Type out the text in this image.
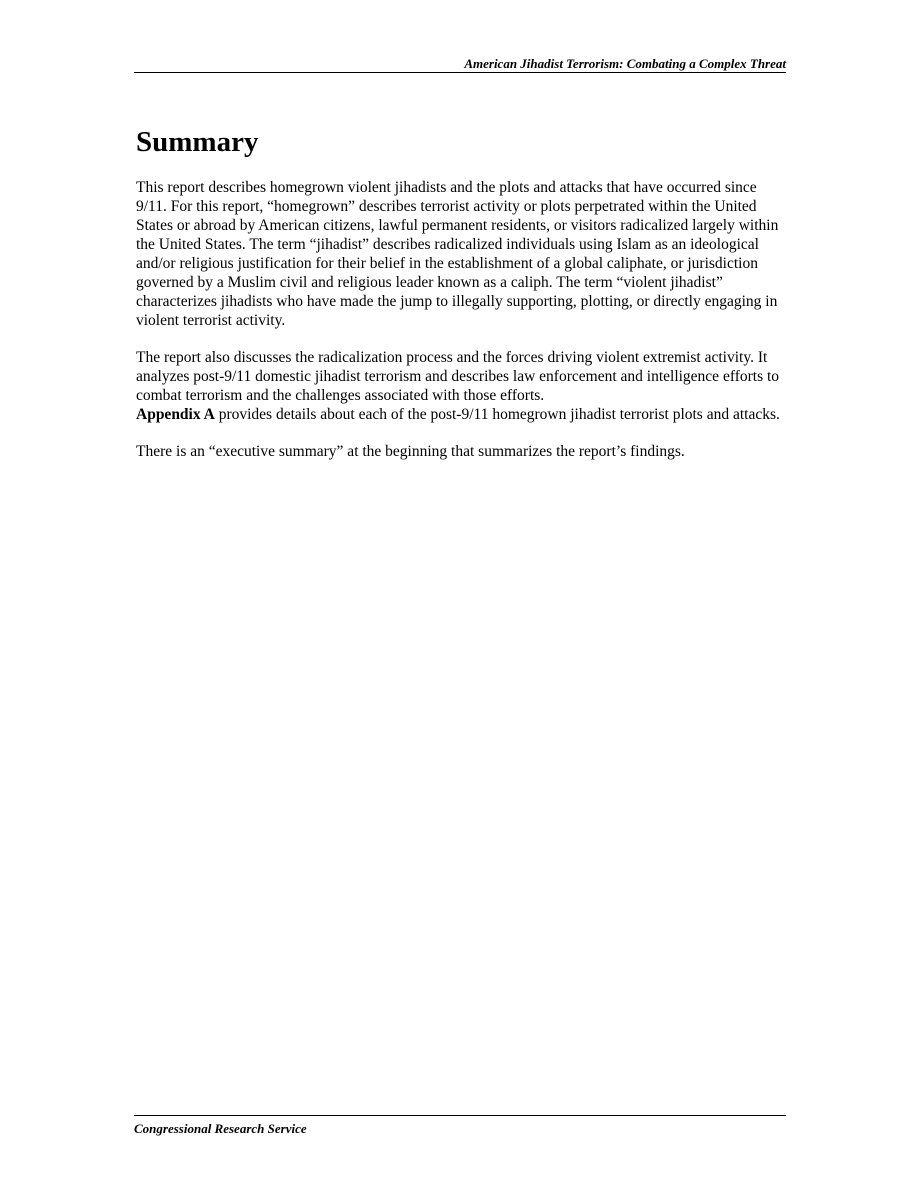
American Jihadist Terrorism: Combating a Complex Threat
Summary

This report describes homegrown violent jihadists and the plots and attacks that have occurred since 9/11. For this report, “homegrown” describes terrorist activity or plots perpetrated within the United States or abroad by American citizens, lawful permanent residents, or visitors radicalized largely within the United States. The term “jihadist” describes radicalized individuals using Islam as an ideological and/or religious justification for their belief in the establishment of a global caliphate, or jurisdiction governed by a Muslim civil and religious leader known as a caliph. The term “violent jihadist” characterizes jihadists who have made the jump to illegally supporting, plotting, or directly engaging in violent terrorist activity.

The report also discusses the radicalization process and the forces driving violent extremist activity. It analyzes post-9/11 domestic jihadist terrorism and describes law enforcement and intelligence efforts to combat terrorism and the challenges associated with those efforts.
Appendix A provides details about each of the post-9/11 homegrown jihadist terrorist plots and attacks.

There is an “executive summary” at the beginning that summarizes the report’s findings.

Congressional Research Service
